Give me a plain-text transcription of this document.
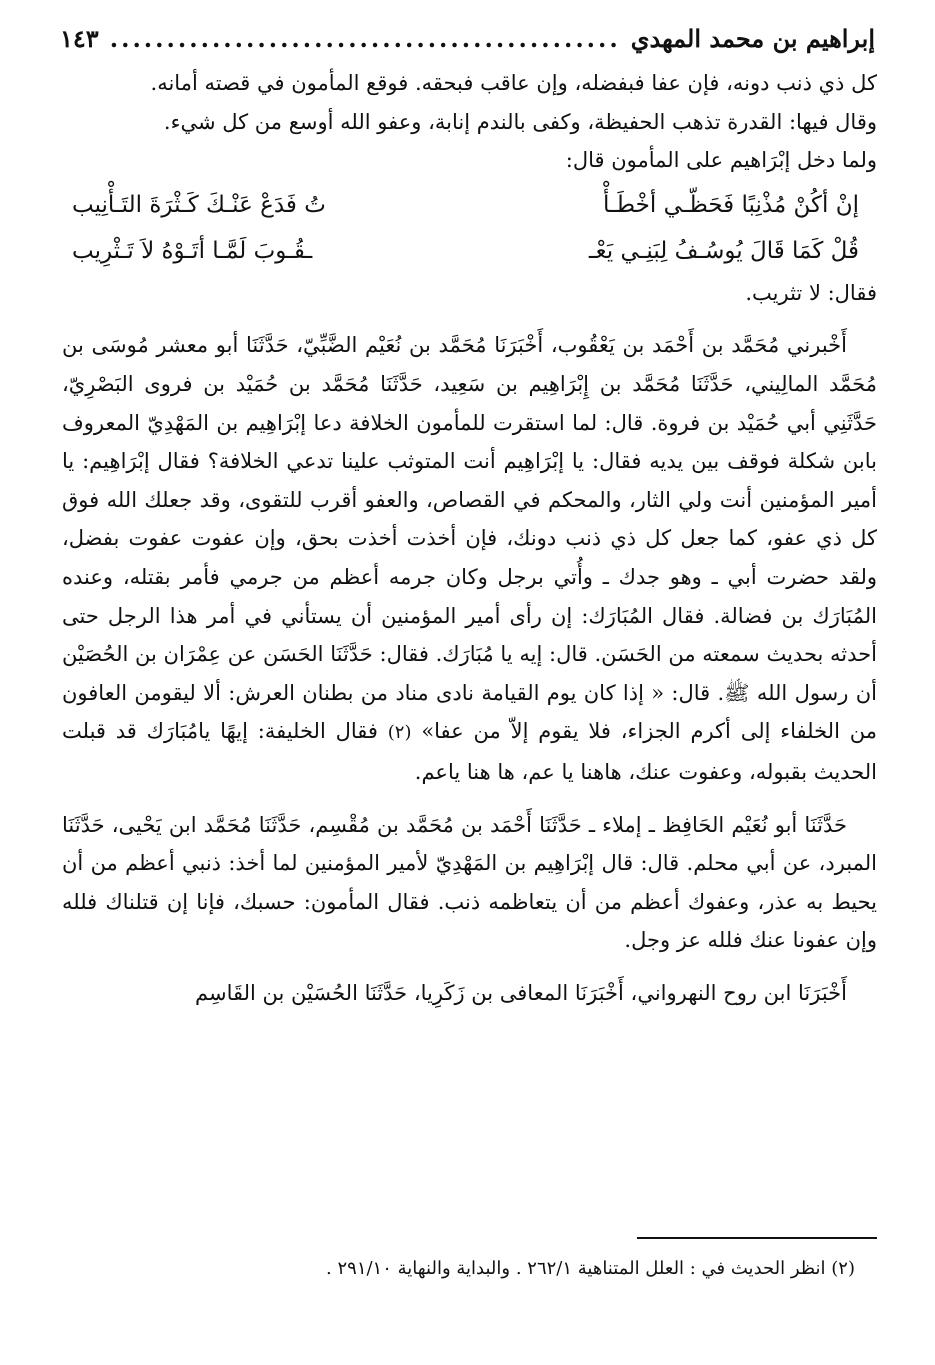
إبراهيم بن محمد المهدي
.....
١٤٣

كل ذي ذنب دونه، فإن عفا فبفضله، وإن عاقب فبحقه. فوقع المأمون في قصته أمانه.

وقال فيها: القدرة تذهب الحفيظة، وكفى بالندم إنابة، وعفو الله أوسع من كل شيء.

ولما دخل إبْرَاهيم على المأمون قال:

إنْ أكُنْ مُذْنِبًا فَحَظّـي أخْطَـأْ
تُ فَدَعْ عَنْـكَ كَـثْرَةَ التَـأْنِيب
قُلْ كَمَا قَالَ يُوسُـفُ لِبَنِـي يَعْـ
ـقُـوبَ لَمَّـا أتَـوْهُ لاَ تَـثْرِيب

فقال: لا تثريب.

أَخْبرني مُحَمَّد بن أَحْمَد بن يَعْقُوب، أَخْبَرَنَا مُحَمَّد بن نُعَيْم الضَّبِّيّ، حَدَّثَنَا أبو معشر مُوسَى بن مُحَمَّد المالِيني، حَدَّثَنَا مُحَمَّد بن إِبْرَاهِيم بن سَعِيد، حَدَّثَنَا مُحَمَّد بن حُمَيْد بن فروى البَصْرِيّ، حَدَّثَنِي أبي حُمَيْد بن فروة. قال: لما استقرت للمأمون الخلافة دعا إبْرَاهِيم بن المَهْدِيّ المعروف بابن شكلة فوقف بين يديه فقال: يا إبْرَاهِيم أنت المتوثب علينا تدعي الخلافة؟ فقال إبْرَاهِيم: يا أمير المؤمنين أنت ولي الثار، والمحكم في القصاص، والعفو أقرب للتقوى، وقد جعلك الله فوق كل ذي عفو، كما جعل كل ذي ذنب دونك، فإن أخذت أخذت بحق، وإن عفوت عفوت بفضل، ولقد حضرت أبي ـ وهو جدك ـ وأُتي برجل وكان جرمه أعظم من جرمي فأمر بقتله، وعنده المُبَارَك بن فضالة. فقال المُبَارَك: إن رأى أمير المؤمنين أن يستأني في أمر هذا الرجل حتى أحدثه بحديث سمعته من الحَسَن. قال: إيه يا مُبَارَك. فقال: حَدَّثَنَا الحَسَن عن عِمْرَان بن الحُصَيْن أن رسول الله ﷺ. قال: « إذا كان يوم القيامة نادى مناد من بطنان العرش: ألا ليقومن العافون من الخلفاء إلى أكرم الجزاء، فلا يقوم إلاّ من عفا» (٢) فقال الخليفة: إيهًا يامُبَارَك قد قبلت الحديث بقبوله، وعفوت عنك، هاهنا يا عم، ها هنا ياعم.

حَدَّثَنَا أبو نُعَيْم الحَافِظ ـ إملاء ـ حَدَّثَنَا أَحْمَد بن مُحَمَّد بن مُقْسِم، حَدَّثَنَا مُحَمَّد ابن يَحْيى، حَدَّثَنَا المبرد، عن أبي محلم. قال: قال إبْرَاهِيم بن المَهْدِيّ لأمير المؤمنين لما أخذ: ذنبي أعظم من أن يحيط به عذر، وعفوك أعظم من أن يتعاظمه ذنب. فقال المأمون: حسبك، فإنا إن قتلناك فلله وإن عفونا عنك فلله عز وجل.

أَخْبَرَنَا ابن روح النهرواني، أَخْبَرَنَا المعافى بن زَكَرِيا، حَدَّثَنَا الحُسَيْن بن القَاسِم

(٢) انظر الحديث في : العلل المتناهية ٢٦٢/١ . والبداية والنهاية ٢٩١/١٠ .
